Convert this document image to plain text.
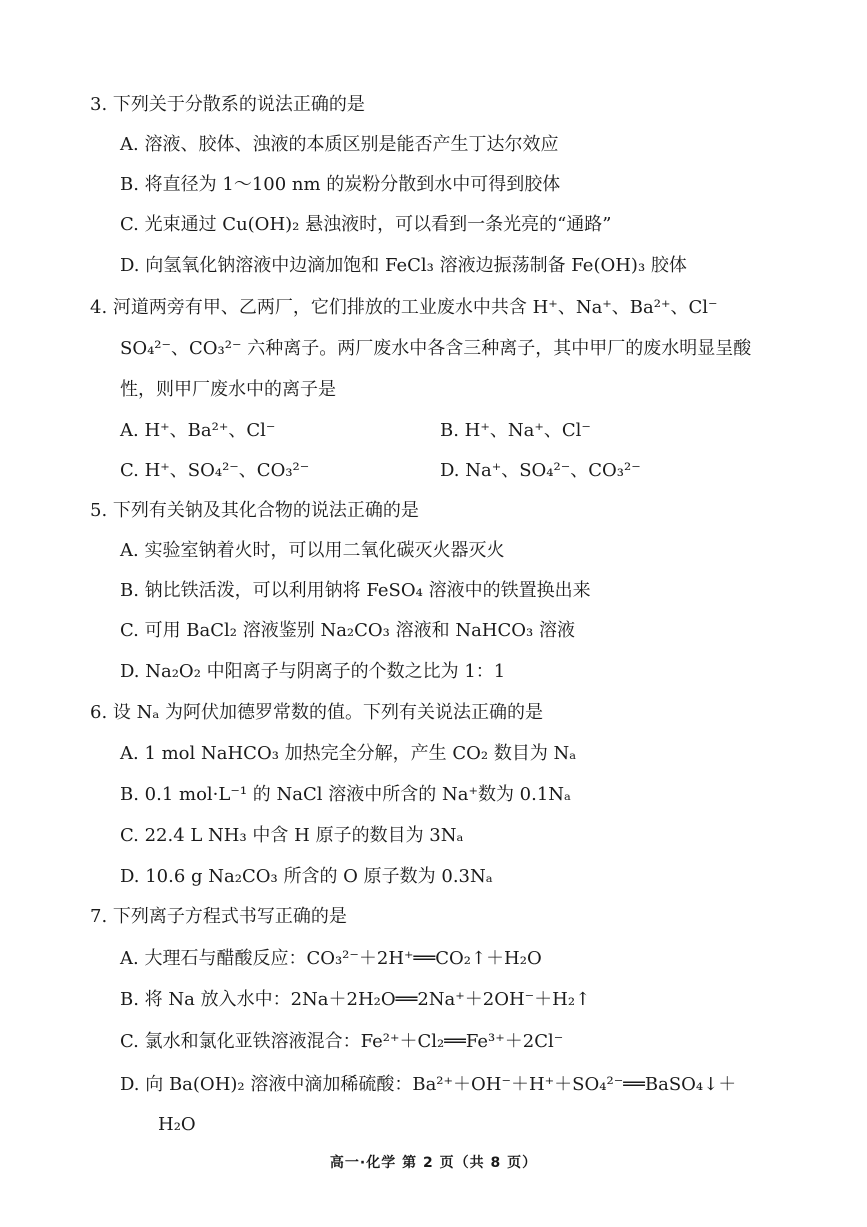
3. 下列关于分散系的说法正确的是
A. 溶液、胶体、浊液的本质区别是能否产生丁达尔效应
B. 将直径为 1～100 nm 的炭粉分散到水中可得到胶体
C. 光束通过 Cu(OH)₂ 悬浊液时，可以看到一条光亮的“通路”
D. 向氢氧化钠溶液中边滴加饱和 FeCl₃ 溶液边振荡制备 Fe(OH)₃ 胶体
4. 河道两旁有甲、乙两厂，它们排放的工业废水中共含 H⁺、Na⁺、Ba²⁺、Cl⁻
SO₄²⁻、CO₃²⁻ 六种离子。两厂废水中各含三种离子，其中甲厂的废水明显呈酸
性，则甲厂废水中的离子是
A. H⁺、Ba²⁺、Cl⁻	B. H⁺、Na⁺、Cl⁻
C. H⁺、SO₄²⁻、CO₃²⁻	D. Na⁺、SO₄²⁻、CO₃²⁻
5. 下列有关钠及其化合物的说法正确的是
A. 实验室钠着火时，可以用二氧化碳灭火器灭火
B. 钠比铁活泼，可以利用钠将 FeSO₄ 溶液中的铁置换出来
C. 可用 BaCl₂ 溶液鉴别 Na₂CO₃ 溶液和 NaHCO₃ 溶液
D. Na₂O₂ 中阳离子与阴离子的个数之比为 1：1
6. 设 Nₐ 为阿伏加德罗常数的值。下列有关说法正确的是
A. 1 mol NaHCO₃ 加热完全分解，产生 CO₂ 数目为 Nₐ
B. 0.1 mol·L⁻¹ 的 NaCl 溶液中所含的 Na⁺数为 0.1Nₐ
C. 22.4 L NH₃ 中含 H 原子的数目为 3Nₐ
D. 10.6 g Na₂CO₃ 所含的 O 原子数为 0.3Nₐ
7. 下列离子方程式书写正确的是
A. 大理石与醋酸反应：CO₃²⁻＋2H⁺══CO₂↑＋H₂O
B. 将 Na 放入水中：2Na＋2H₂O══2Na⁺＋2OH⁻＋H₂↑
C. 氯水和氯化亚铁溶液混合：Fe²⁺＋Cl₂══Fe³⁺＋2Cl⁻
D. 向 Ba(OH)₂ 溶液中滴加稀硫酸：Ba²⁺＋OH⁻＋H⁺＋SO₄²⁻══BaSO₄↓＋
H₂O
高一·化学 第 2 页（共 8 页）
